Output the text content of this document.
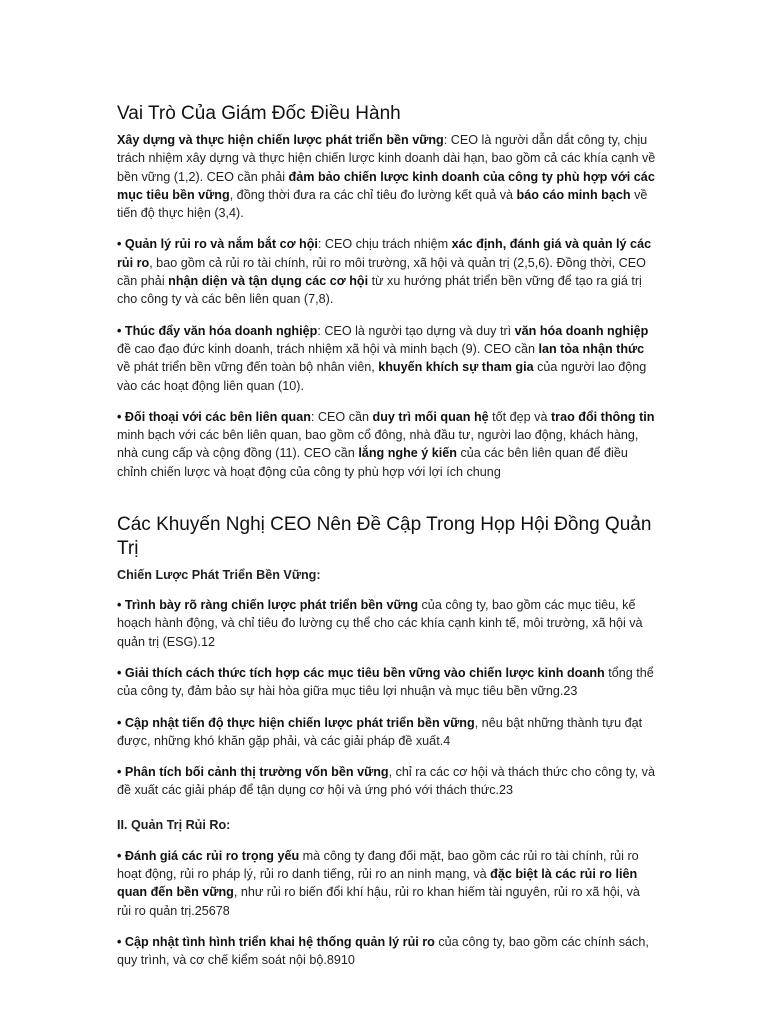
Vai Trò Của Giám Đốc Điều Hành

Xây dựng và thực hiện chiến lược phát triển bền vững: CEO là người dẫn dắt công ty, chịu trách nhiệm xây dựng và thực hiện chiến lược kinh doanh dài hạn, bao gồm cả các khía cạnh về bền vững (1,2). CEO cần phải đảm bảo chiến lược kinh doanh của công ty phù hợp với các mục tiêu bền vững, đồng thời đưa ra các chỉ tiêu đo lường kết quả và báo cáo minh bạch về tiến độ thực hiện (3,4).

• Quản lý rủi ro và nắm bắt cơ hội: CEO chịu trách nhiệm xác định, đánh giá và quản lý các rủi ro, bao gồm cả rủi ro tài chính, rủi ro môi trường, xã hội và quản trị (2,5,6). Đồng thời, CEO cần phải nhận diện và tận dụng các cơ hội từ xu hướng phát triển bền vững để tạo ra giá trị cho công ty và các bên liên quan (7,8).

• Thúc đẩy văn hóa doanh nghiệp: CEO là người tạo dựng và duy trì văn hóa doanh nghiệp đề cao đạo đức kinh doanh, trách nhiệm xã hội và minh bạch (9). CEO cần lan tỏa nhận thức về phát triển bền vững đến toàn bộ nhân viên, khuyến khích sự tham gia của người lao động vào các hoạt động liên quan (10).

• Đối thoại với các bên liên quan: CEO cần duy trì mối quan hệ tốt đẹp và trao đổi thông tin minh bạch với các bên liên quan, bao gồm cổ đông, nhà đầu tư, người lao động, khách hàng, nhà cung cấp và cộng đồng (11). CEO cần lắng nghe ý kiến của các bên liên quan để điều chỉnh chiến lược và hoạt động của công ty phù hợp với lợi ích chung

Các Khuyến Nghị CEO Nên Đề Cập Trong Họp Hội Đồng Quản Trị
Chiến Lược Phát Triển Bền Vững:

• Trình bày rõ ràng chiến lược phát triển bền vững của công ty, bao gồm các mục tiêu, kế hoạch hành động, và chỉ tiêu đo lường cụ thể cho các khía cạnh kinh tế, môi trường, xã hội và quản trị (ESG).12

• Giải thích cách thức tích hợp các mục tiêu bền vững vào chiến lược kinh doanh tổng thể của công ty, đảm bảo sự hài hòa giữa mục tiêu lợi nhuận và mục tiêu bền vững.23

• Cập nhật tiến độ thực hiện chiến lược phát triển bền vững, nêu bật những thành tựu đạt được, những khó khăn gặp phải, và các giải pháp đề xuất.4

• Phân tích bối cảnh thị trường vốn bền vững, chỉ ra các cơ hội và thách thức cho công ty, và đề xuất các giải pháp để tận dụng cơ hội và ứng phó với thách thức.23

II. Quản Trị Rủi Ro:

• Đánh giá các rủi ro trọng yếu mà công ty đang đối mặt, bao gồm các rủi ro tài chính, rủi ro hoạt động, rủi ro pháp lý, rủi ro danh tiếng, rủi ro an ninh mạng, và đặc biệt là các rủi ro liên quan đến bền vững, như rủi ro biến đổi khí hậu, rủi ro khan hiếm tài nguyên, rủi ro xã hội, và rủi ro quản trị.25678

• Cập nhật tình hình triển khai hệ thống quản lý rủi ro của công ty, bao gồm các chính sách, quy trình, và cơ chế kiểm soát nội bộ.8910
